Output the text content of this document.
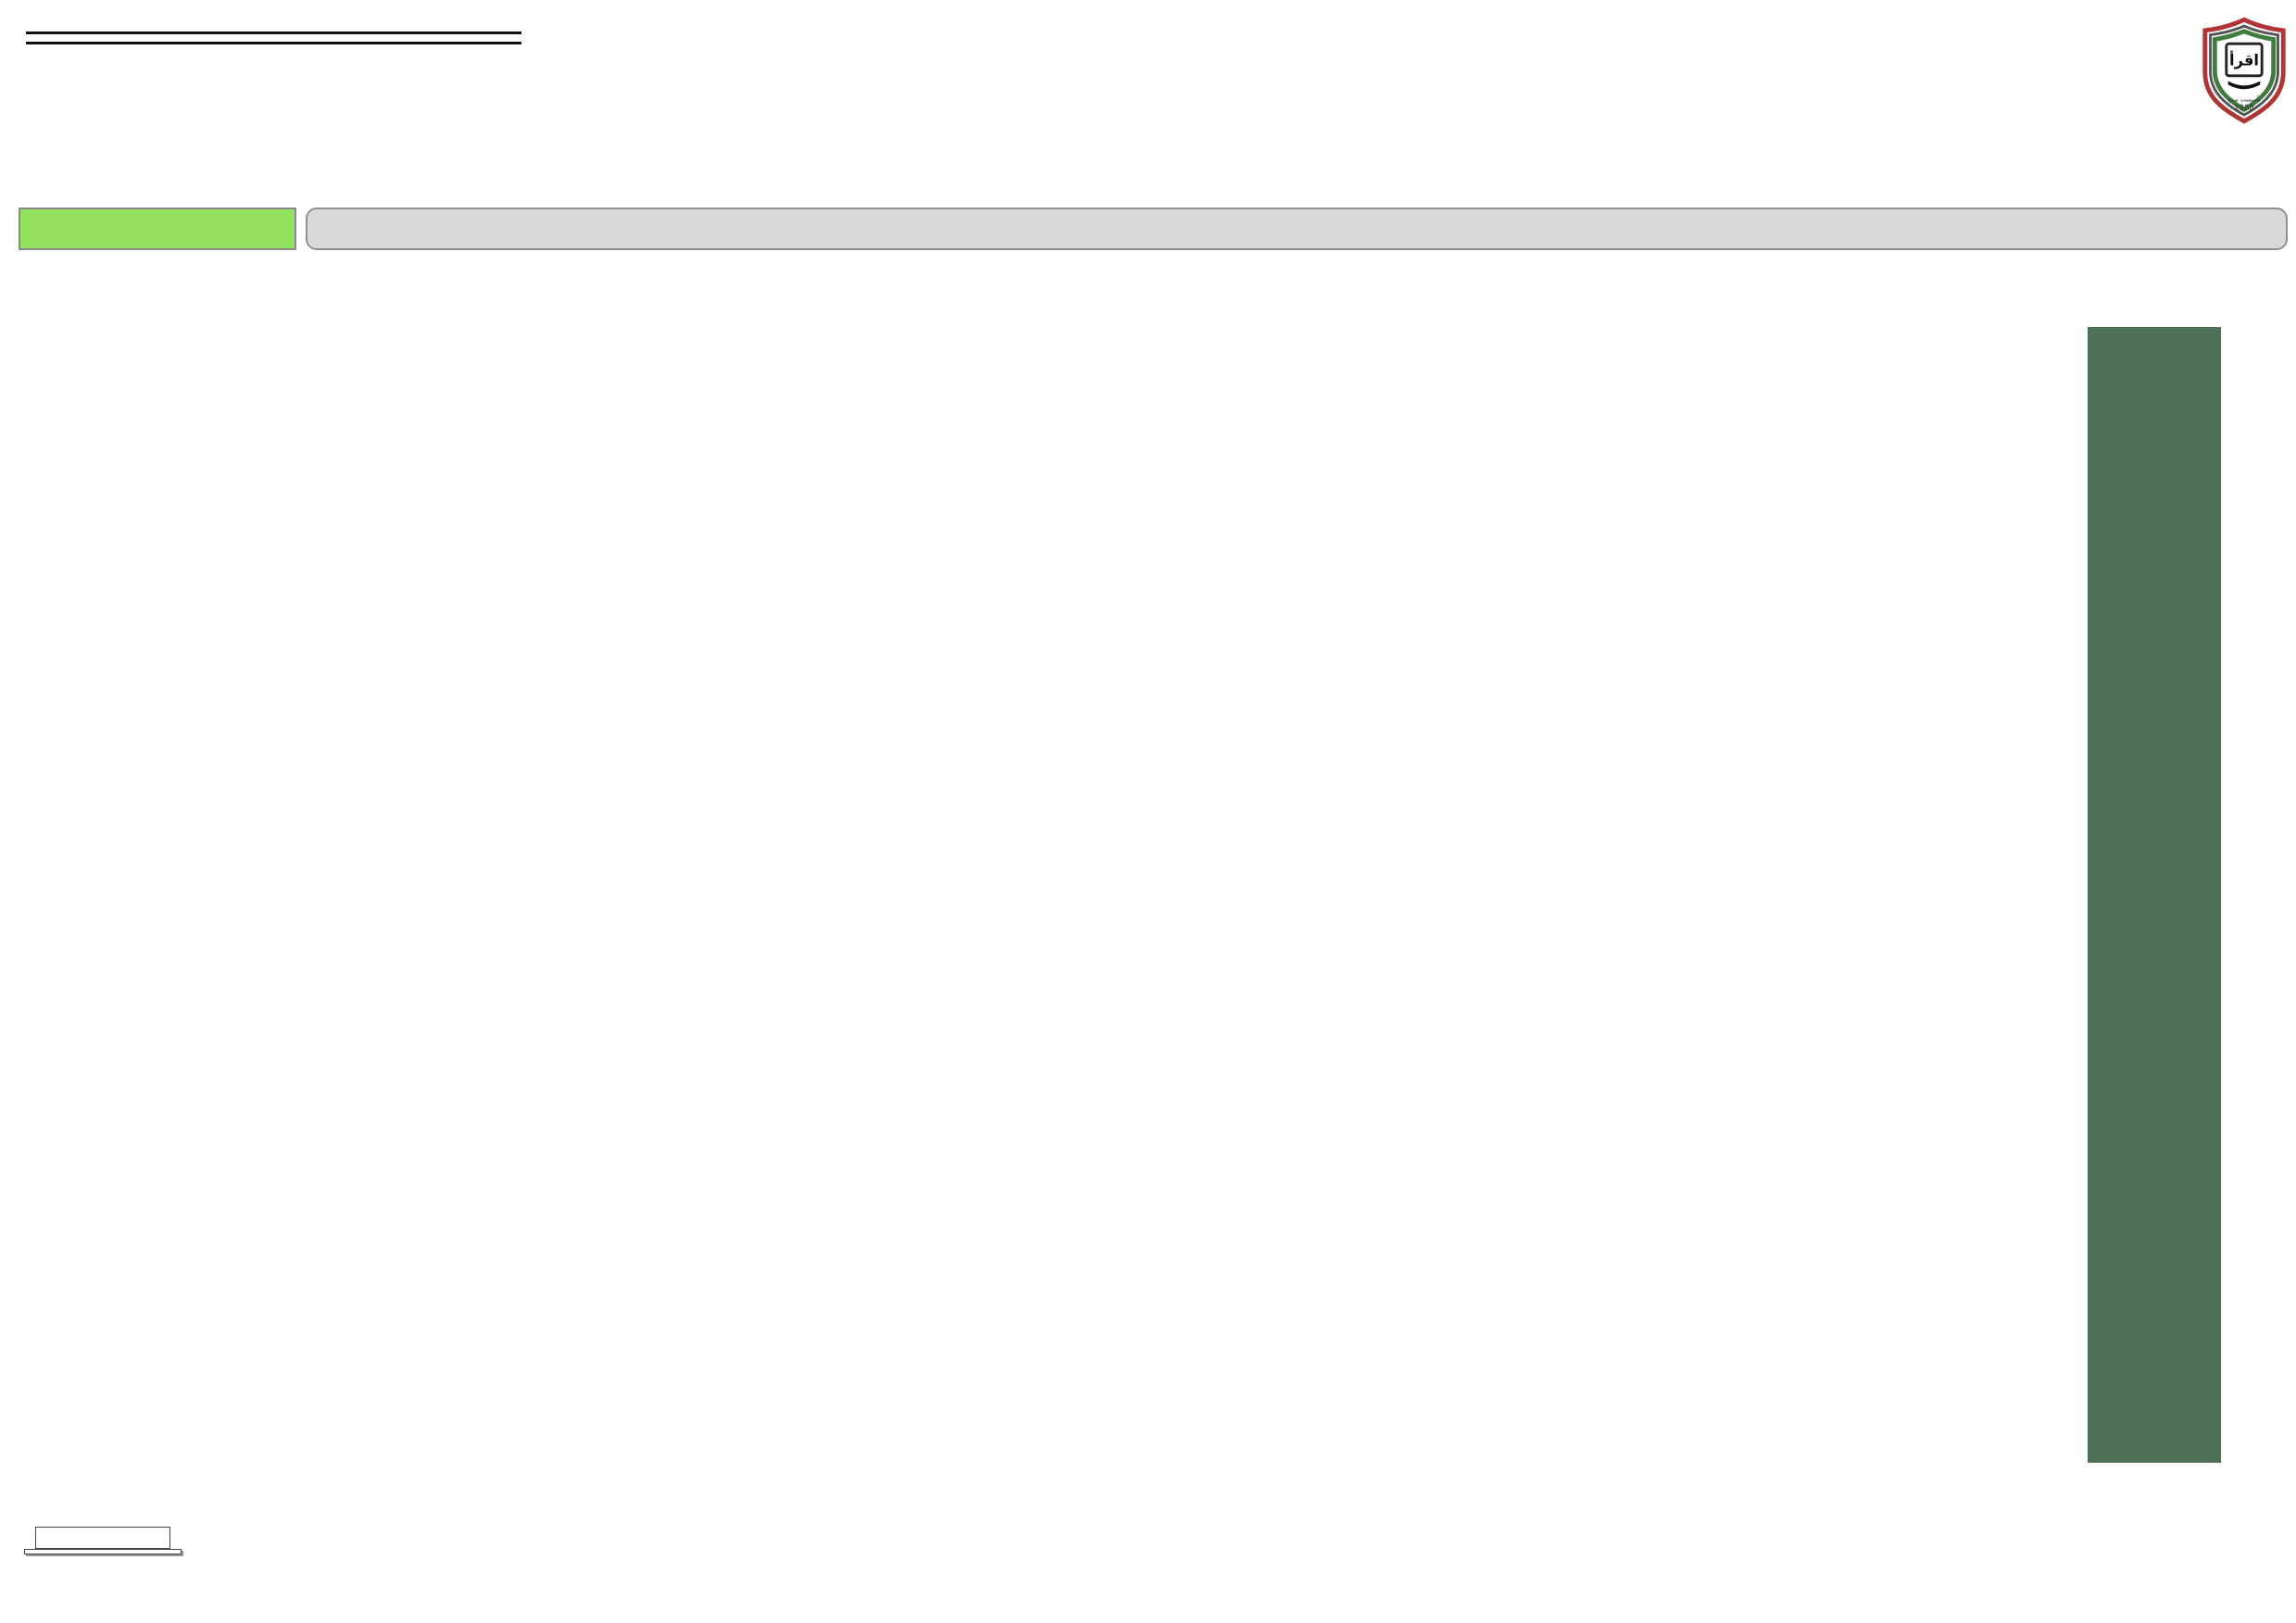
اقرأ
تأسست سنة
1988
